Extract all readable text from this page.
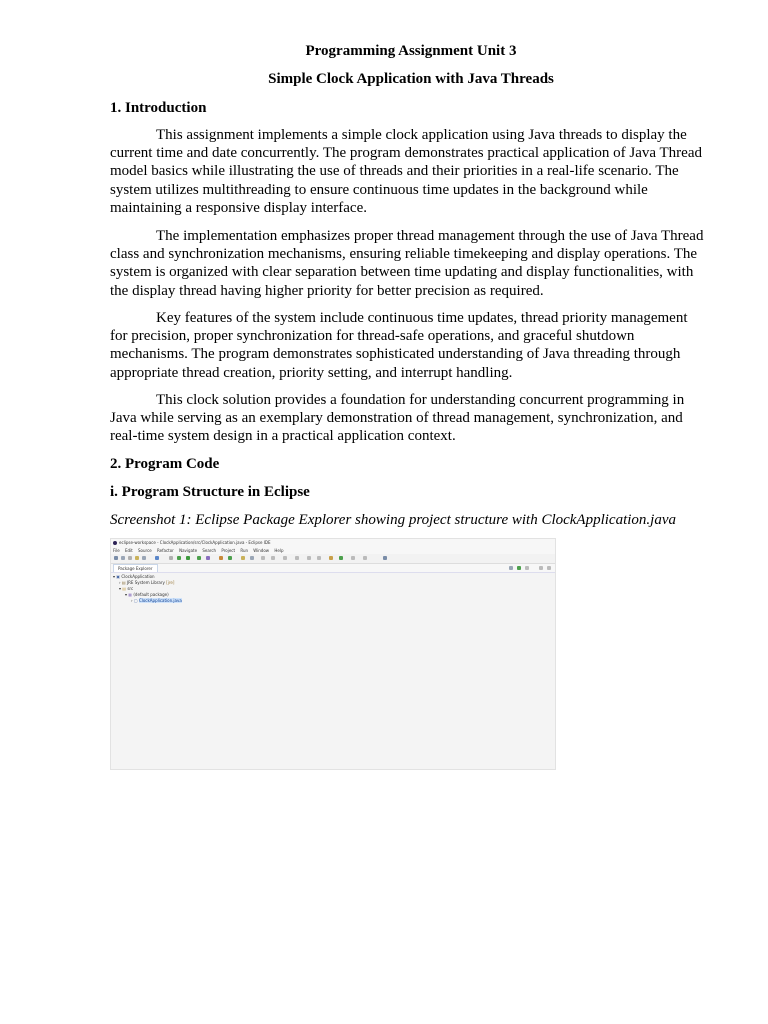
Programming Assignment Unit 3
Simple Clock Application with Java Threads
1. Introduction

This assignment implements a simple clock application using Java threads to display the current time and date concurrently. The program demonstrates practical application of Java Thread model basics while illustrating the use of threads and their priorities in a real-life scenario. The system utilizes multithreading to ensure continuous time updates in the background while maintaining a responsive display interface.

The implementation emphasizes proper thread management through the use of Java Thread class and synchronization mechanisms, ensuring reliable timekeeping and display operations. The system is organized with clear separation between time updating and display functionalities, with the display thread having higher priority for better precision as required.

Key features of the system include continuous time updates, thread priority management for precision, proper synchronization for thread-safe operations, and graceful shutdown mechanisms. The program demonstrates sophisticated understanding of Java threading through appropriate thread creation, priority setting, and interrupt handling.

This clock solution provides a foundation for understanding concurrent programming in Java while serving as an exemplary demonstration of thread management, synchronization, and real-time system design in a practical application context.

2. Program Code
i. Program Structure in Eclipse
Screenshot 1: Eclipse Package Explorer showing project structure with ClockApplication.java
eclipse-workspace - ClockApplication/src/ClockApplication.java - Eclipse IDE
File Edit Source Refactor Navigate Search Project Run Window Help
Package Explorer
▾ ▣ ClockApplication
› ▤ JRE System Library [jre]
▾ ▤ src
▾ ▦ (default package)
› ▢ ClockApplication.java
